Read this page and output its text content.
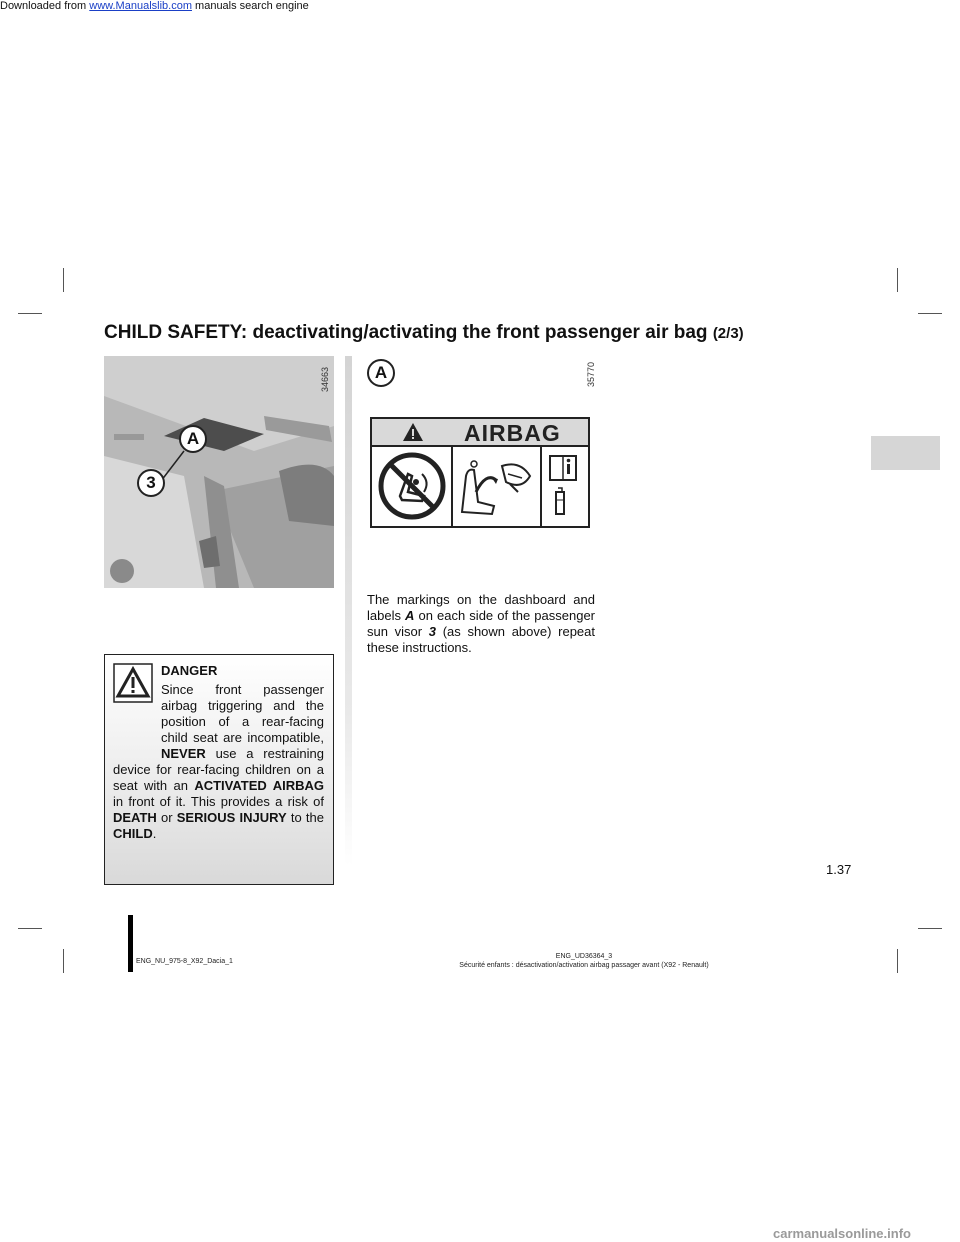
Downloaded from www.Manualslib.com manuals search engine
CHILD SAFETY: deactivating/activating the front passenger air bag (2/3)
A
3
34663	A	35770
AIRBAG
The markings on the dashboard and labels A on each side of the passenger sun visor 3 (as shown above) repeat these instructions.
DANGER
Since front passenger airbag triggering and the position of a rear-facing child seat are incompatible, NEVER use a restraining device for rear-facing children on a seat with an ACTIVATED AIRBAG in front of it. This provides a risk of DEATH or SERIOUS INJURY to the CHILD.
1.37
ENG_NU_975-8_X92_Dacia_1
ENG_UD36364_3
Sécurité enfants : désactivation/activation airbag passager avant (X92 - Renault)
carmanualsonline.info
